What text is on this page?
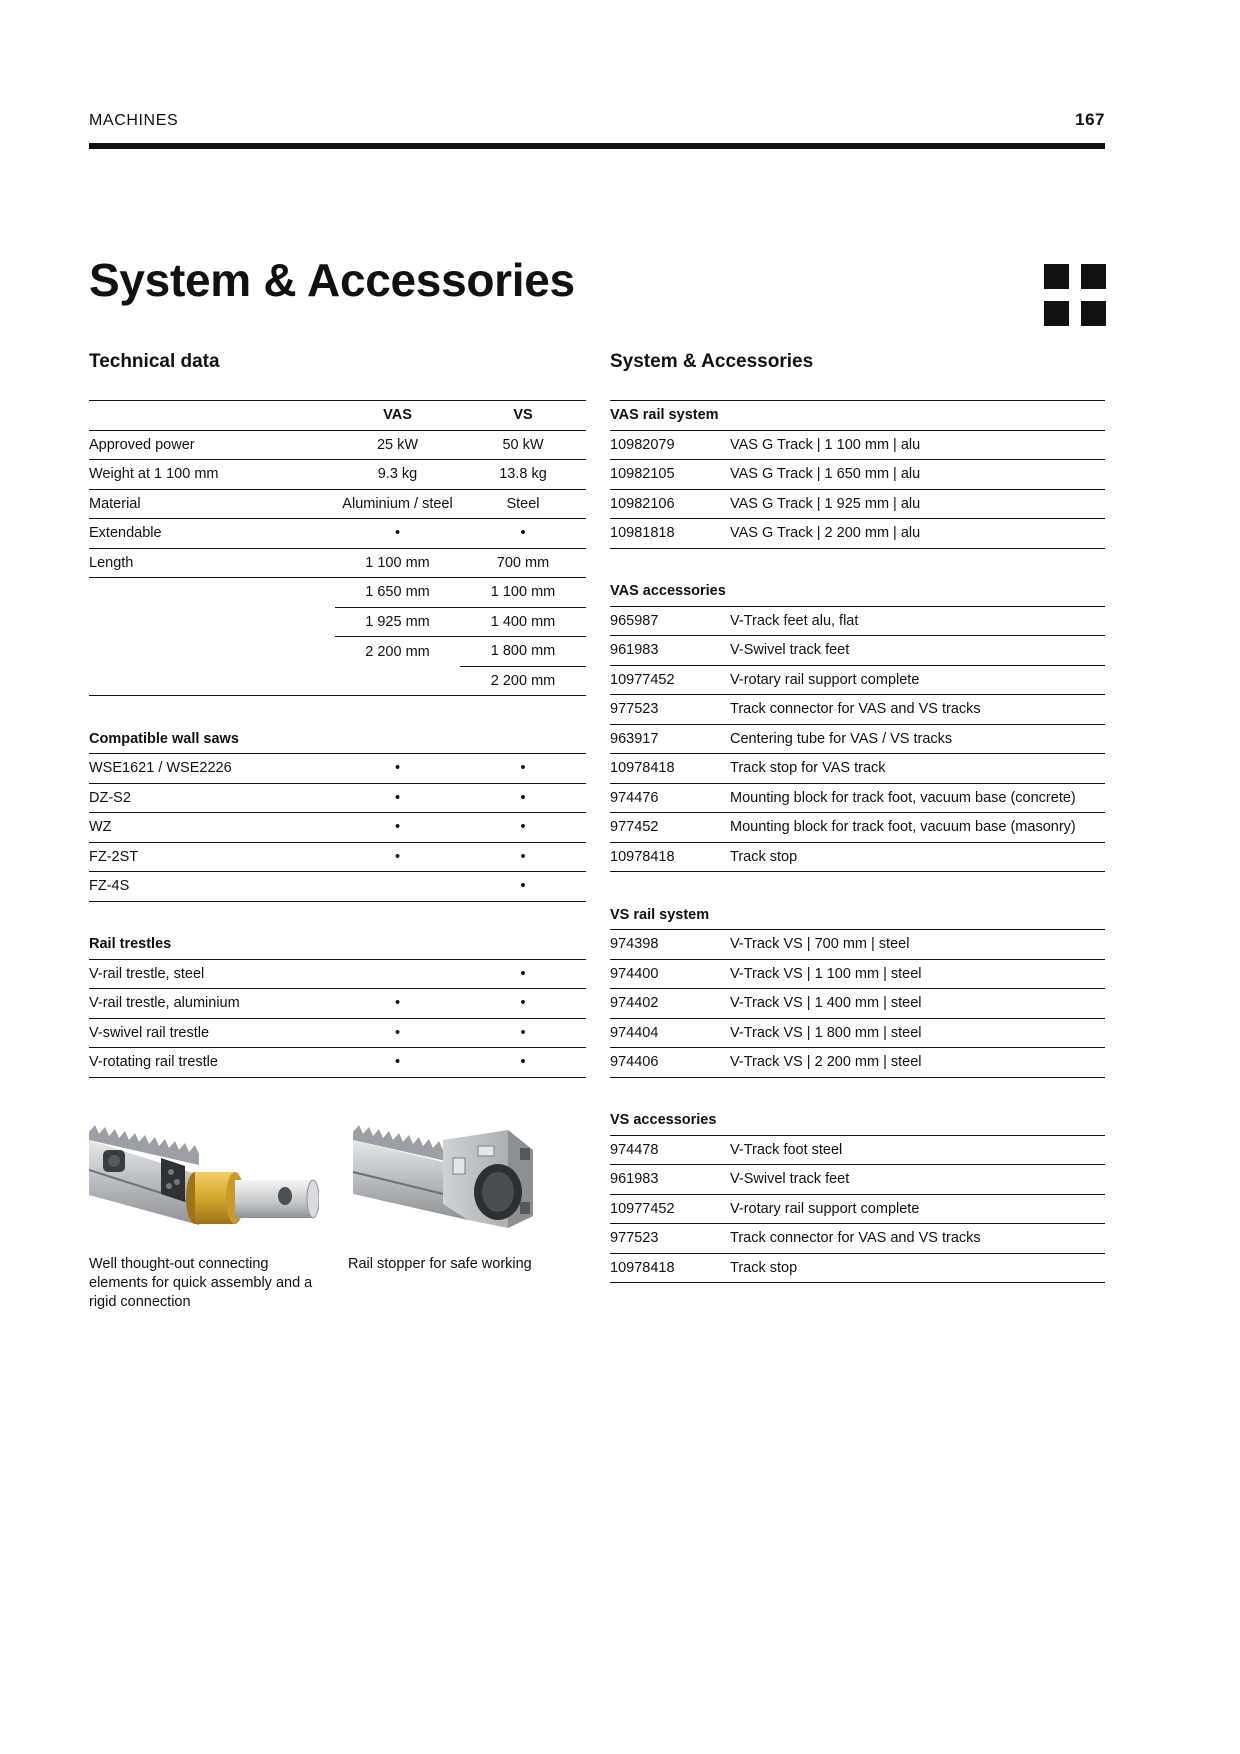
MACHINES	167
System & Accessories
Technical data
	VAS	VS
Approved power	25 kW	50 kW
Weight at 1 100 mm	9.3 kg	13.8 kg
Material	Aluminium / steel	Steel
Extendable	•	•
Length	1 100 mm	700 mm
	1 650 mm	1 100 mm
	1 925 mm	1 400 mm
	2 200 mm	1 800 mm
		2 200 mm

Compatible wall saws		
WSE1621 / WSE2226	•	•
DZ-S2	•	•
WZ	•	•
FZ-2ST	•	•
FZ-4S		•

Rail trestles		
V-rail trestle, steel		•
V-rail trestle, aluminium	•	•
V-swivel rail trestle	•	•
V-rotating rail trestle	•	•
System & Accessories
VAS rail system	
10982079	VAS G Track | 1 100 mm | alu
10982105	VAS G Track | 1 650 mm | alu
10982106	VAS G Track | 1 925 mm | alu
10981818	VAS G Track | 2 200 mm | alu

VAS accessories	
965987	V-Track feet alu, flat
961983	V-Swivel track feet
10977452	V-rotary rail support complete
977523	Track connector for VAS and VS tracks
963917	Centering tube for VAS / VS tracks
10978418	Track stop for VAS track
974476	Mounting block for track foot, vacuum base (concrete)
977452	Mounting block for track foot, vacuum base (masonry)
10978418	Track stop

VS rail system	
974398	V-Track VS | 700 mm | steel
974400	V-Track VS | 1 100 mm | steel
974402	V-Track VS | 1 400 mm | steel
974404	V-Track VS | 1 800 mm | steel
974406	V-Track VS | 2 200 mm | steel

VS accessories	
974478	V-Track foot steel
961983	V-Swivel track feet
10977452	V-rotary rail support complete
977523	Track connector for VAS and VS tracks
10978418	Track stop
Well thought-out connecting elements for quick assembly and a rigid connection
Rail stopper for safe working
